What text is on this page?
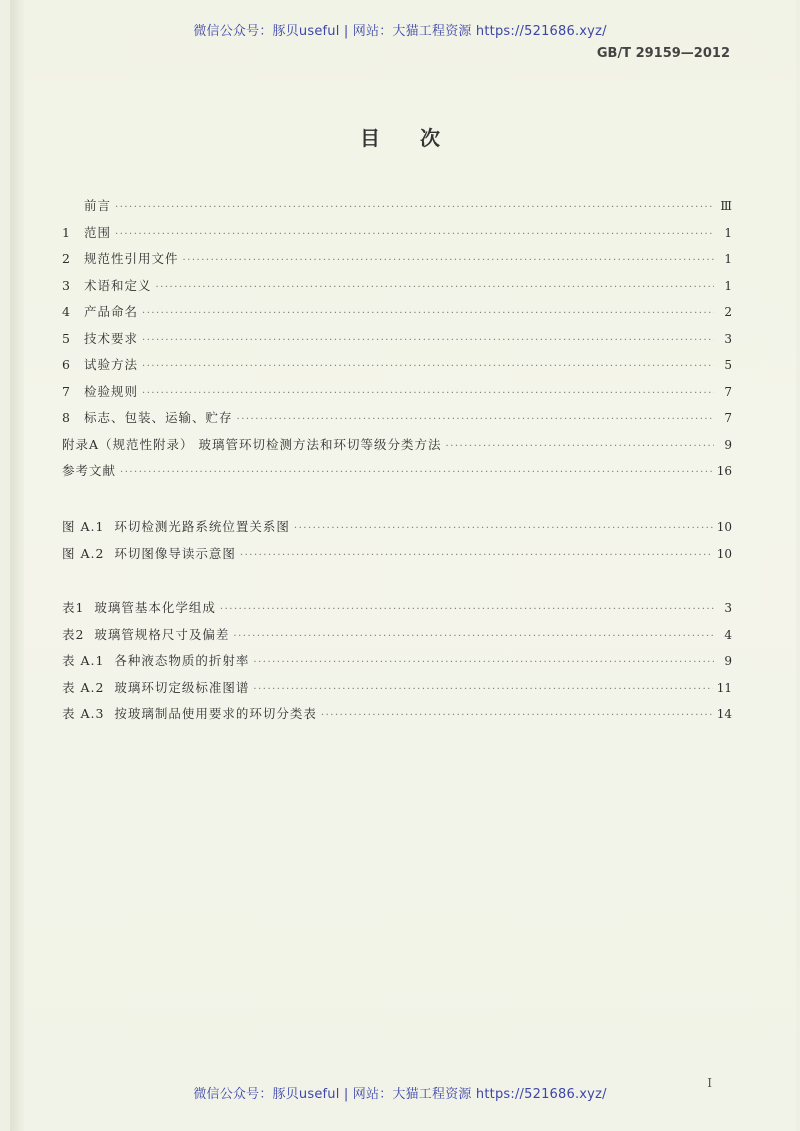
微信公众号：豚贝useful | 网站：大猫工程资源 https://521686.xyz/
GB/T 29159—2012
目次
前言 ·····	Ⅲ
1 范围 ·····	1
2 规范性引用文件 ·····	1
3 术语和定义 ·····	1
4 产品命名 ·····	2
5 技术要求 ·····	3
6 试验方法 ·····	5
7 检验规则 ·····	7
8 标志、包装、运输、贮存 ·····	7
附录A（规范性附录） 玻璃管环切检测方法和环切等级分类方法 ·····	9
参考文献 ·····	16
图 A.1 环切检测光路系统位置关系图 ·····	10
图 A.2 环切图像导读示意图 ·····	10
表1 玻璃管基本化学组成 ·····	3
表2 玻璃管规格尺寸及偏差 ·····	4
表 A.1 各种液态物质的折射率 ·····	9
表 A.2 玻璃环切定级标准图谱 ·····	11
表 A.3 按玻璃制品使用要求的环切分类表 ·····	14
微信公众号：豚贝useful | 网站：大猫工程资源 https://521686.xyz/
I
